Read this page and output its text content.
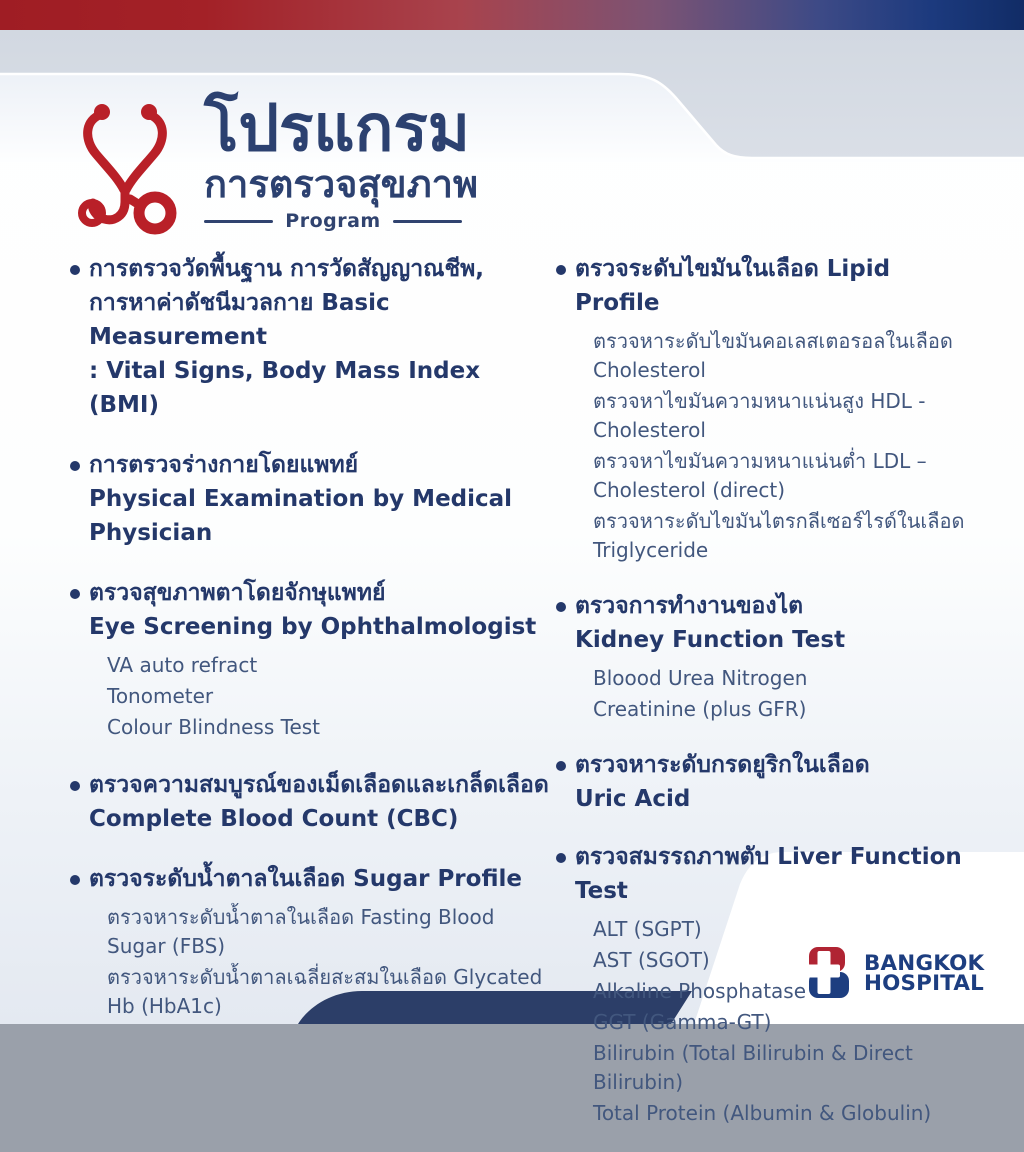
โปรแกรม
การตรวจสุขภาพ
Program
การตรวจวัดพื้นฐาน การวัดสัญญาณชีพ,
การหาค่าดัชนีมวลกาย Basic Measurement
: Vital Signs, Body Mass Index (BMI)
การตรวจร่างกายโดยแพทย์
Physical Examination by Medical Physician
ตรวจสุขภาพตาโดยจักษุแพทย์
Eye Screening by Ophthalmologist
VA auto refract
Tonometer
Colour Blindness Test
ตรวจความสมบูรณ์ของเม็ดเลือดและเกล็ดเลือด
Complete Blood Count (CBC)
ตรวจระดับน้ำตาลในเลือด Sugar Profile
ตรวจหาระดับน้ำตาลในเลือด Fasting Blood Sugar (FBS)
ตรวจหาระดับน้ำตาลเฉลี่ยสะสมในเลือด Glycated Hb (HbA1c)
ตรวจระดับไขมันในเลือด Lipid Profile
ตรวจหาระดับไขมันคอเลสเตอรอลในเลือด Cholesterol
ตรวจหาไขมันความหนาแน่นสูง HDL - Cholesterol
ตรวจหาไขมันความหนาแน่นต่ำ LDL – Cholesterol (direct)
ตรวจหาระดับไขมันไตรกลีเซอร์ไรด์ในเลือด Triglyceride
ตรวจการทำงานของไต
Kidney Function Test
Bloood Urea Nitrogen
Creatinine (plus GFR)
ตรวจหาระดับกรดยูริกในเลือด
Uric Acid
ตรวจสมรรถภาพตับ Liver Function Test
ALT (SGPT)
AST (SGOT)
Alkaline Phosphatase
GGT (Gamma-GT)
Bilirubin (Total Bilirubin & Direct Bilirubin)
Total Protein (Albumin & Globulin)
BANGKOK
HOSPITAL
